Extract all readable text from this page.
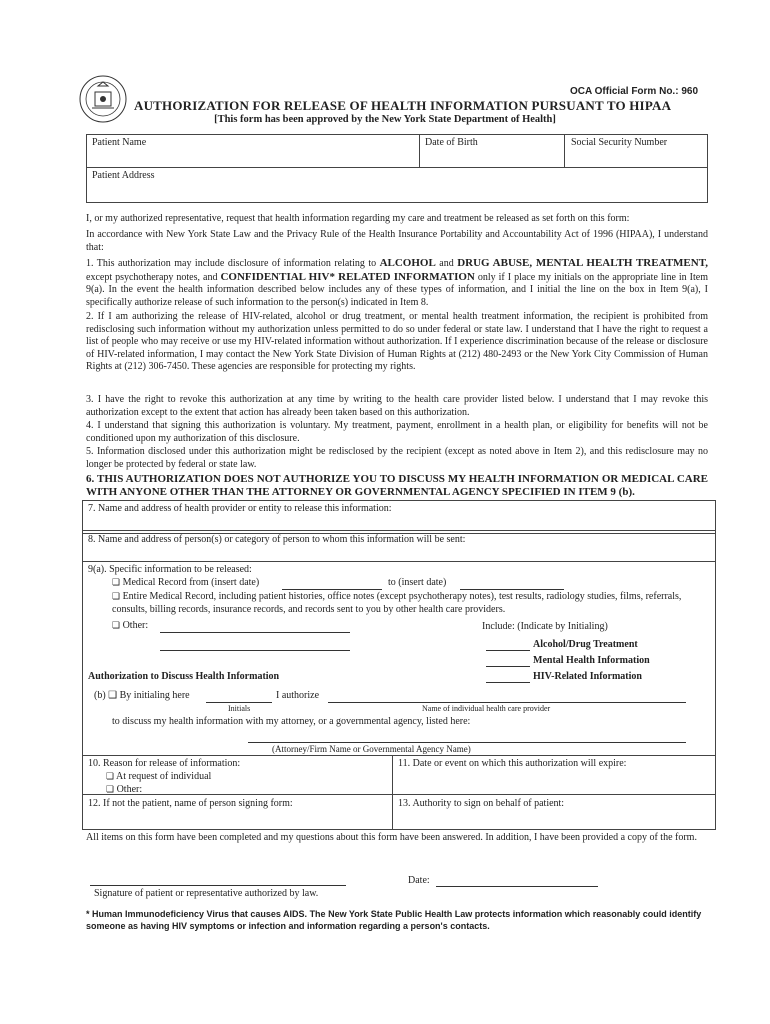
OCA Official Form No.: 960
AUTHORIZATION FOR RELEASE OF HEALTH INFORMATION PURSUANT TO HIPAA
[This form has been approved by the New York State Department of Health]
Patient Name	Date of Birth	Social Security Number
Patient Address
I, or my authorized representative, request that health information regarding my care and treatment be released as set forth on this form:
In accordance with New York State Law and the Privacy Rule of the Health Insurance Portability and Accountability Act of 1996 (HIPAA), I understand that:
1. This authorization may include disclosure of information relating to ALCOHOL and DRUG ABUSE, MENTAL HEALTH TREATMENT, except psychotherapy notes, and CONFIDENTIAL HIV* RELATED INFORMATION only if I place my initials on the appropriate line in Item 9(a). In the event the health information described below includes any of these types of information, and I initial the line on the box in Item 9(a), I specifically authorize release of such information to the person(s) indicated in Item 8.
2. If I am authorizing the release of HIV-related, alcohol or drug treatment, or mental health treatment information, the recipient is prohibited from redisclosing such information without my authorization unless permitted to do so under federal or state law. I understand that I have the right to request a list of people who may receive or use my HIV-related information without authorization. If I experience discrimination because of the release or disclosure of HIV-related information, I may contact the New York State Division of Human Rights at (212) 480-2493 or the New York City Commission of Human Rights at (212) 306-7450. These agencies are responsible for protecting my rights.
3. I have the right to revoke this authorization at any time by writing to the health care provider listed below. I understand that I may revoke this authorization except to the extent that action has already been taken based on this authorization.
4. I understand that signing this authorization is voluntary. My treatment, payment, enrollment in a health plan, or eligibility for benefits will not be conditioned upon my authorization of this disclosure.
5. Information disclosed under this authorization might be redisclosed by the recipient (except as noted above in Item 2), and this redisclosure may no longer be protected by federal or state law.
6. THIS AUTHORIZATION DOES NOT AUTHORIZE YOU TO DISCUSS MY HEALTH INFORMATION OR MEDICAL CARE WITH ANYONE OTHER THAN THE ATTORNEY OR GOVERNMENTAL AGENCY SPECIFIED IN ITEM 9 (b).
7. Name and address of health provider or entity to release this information:
8. Name and address of person(s) or category of person to whom this information will be sent:
9(a). Specific information to be released:
❏ Medical Record from (insert date)	to (insert date)
❏ Entire Medical Record, including patient histories, office notes (except psychotherapy notes), test results, radiology studies, films, referrals, consults, billing records, insurance records, and records sent to you by other health care providers.
❏ Other:	Include: (Indicate by Initialing)
Alcohol/Drug Treatment
Mental Health Information
HIV-Related Information
Authorization to Discuss Health Information
(b) ❑ By initialing here	I authorize
Initials	Name of individual health care provider
to discuss my health information with my attorney, or a governmental agency, listed here:
(Attorney/Firm Name or Governmental Agency Name)
10. Reason for release of information:
❏ At request of individual
❏ Other:
11. Date or event on which this authorization will expire:
12. If not the patient, name of person signing form:	13. Authority to sign on behalf of patient:
All items on this form have been completed and my questions about this form have been answered. In addition, I have been provided a copy of the form.
Date:
Signature of patient or representative authorized by law.
* Human Immunodeficiency Virus that causes AIDS. The New York State Public Health Law protects information which reasonably could identify someone as having HIV symptoms or infection and information regarding a person's contacts.
